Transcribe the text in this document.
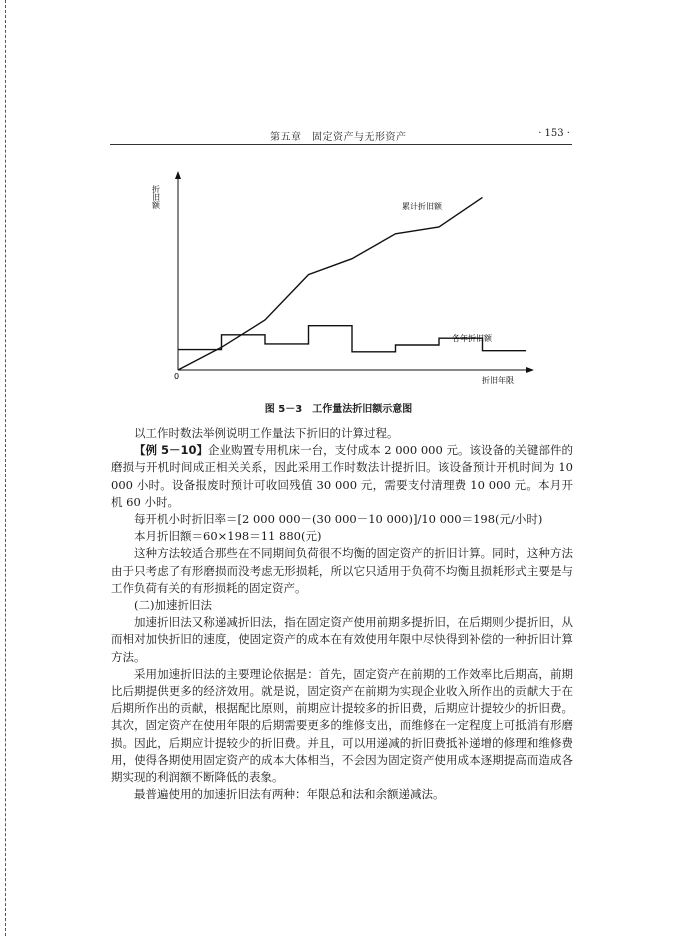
第五章　固定资产与无形资产	· 153 ·
折旧额
折旧年限
0
累计折旧额
各年折旧额
图 5－3　工作量法折旧额示意图

以工作时数法举例说明工作量法下折旧的计算过程。

【例 5－10】企业购置专用机床一台，支付成本 2 000 000 元。该设备的关键部件的磨损与开机时间成正相关关系，因此采用工作时数法计提折旧。该设备预计开机时间为 10 000 小时。设备报废时预计可收回残值 30 000 元，需要支付清理费 10 000 元。本月开机 60 小时。

每开机小时折旧率＝[2 000 000－(30 000－10 000)]/10 000＝198(元/小时)

本月折旧额＝60×198＝11 880(元)

这种方法较适合那些在不同期间负荷很不均衡的固定资产的折旧计算。同时，这种方法由于只考虑了有形磨损而没考虑无形损耗，所以它只适用于负荷不均衡且损耗形式主要是与工作负荷有关的有形损耗的固定资产。

(二)加速折旧法

加速折旧法又称递减折旧法，指在固定资产使用前期多提折旧，在后期则少提折旧，从而相对加快折旧的速度，使固定资产的成本在有效使用年限中尽快得到补偿的一种折旧计算方法。

采用加速折旧法的主要理论依据是：首先，固定资产在前期的工作效率比后期高，前期比后期提供更多的经济效用。就是说，固定资产在前期为实现企业收入所作出的贡献大于在后期所作出的贡献，根据配比原则，前期应计提较多的折旧费，后期应计提较少的折旧费。其次，固定资产在使用年限的后期需要更多的维修支出，而维修在一定程度上可抵消有形磨损。因此，后期应计提较少的折旧费。并且，可以用递减的折旧费抵补递增的修理和维修费用，使得各期使用固定资产的成本大体相当，不会因为固定资产使用成本逐期提高而造成各期实现的利润额不断降低的表象。

最普遍使用的加速折旧法有两种：年限总和法和余额递减法。
